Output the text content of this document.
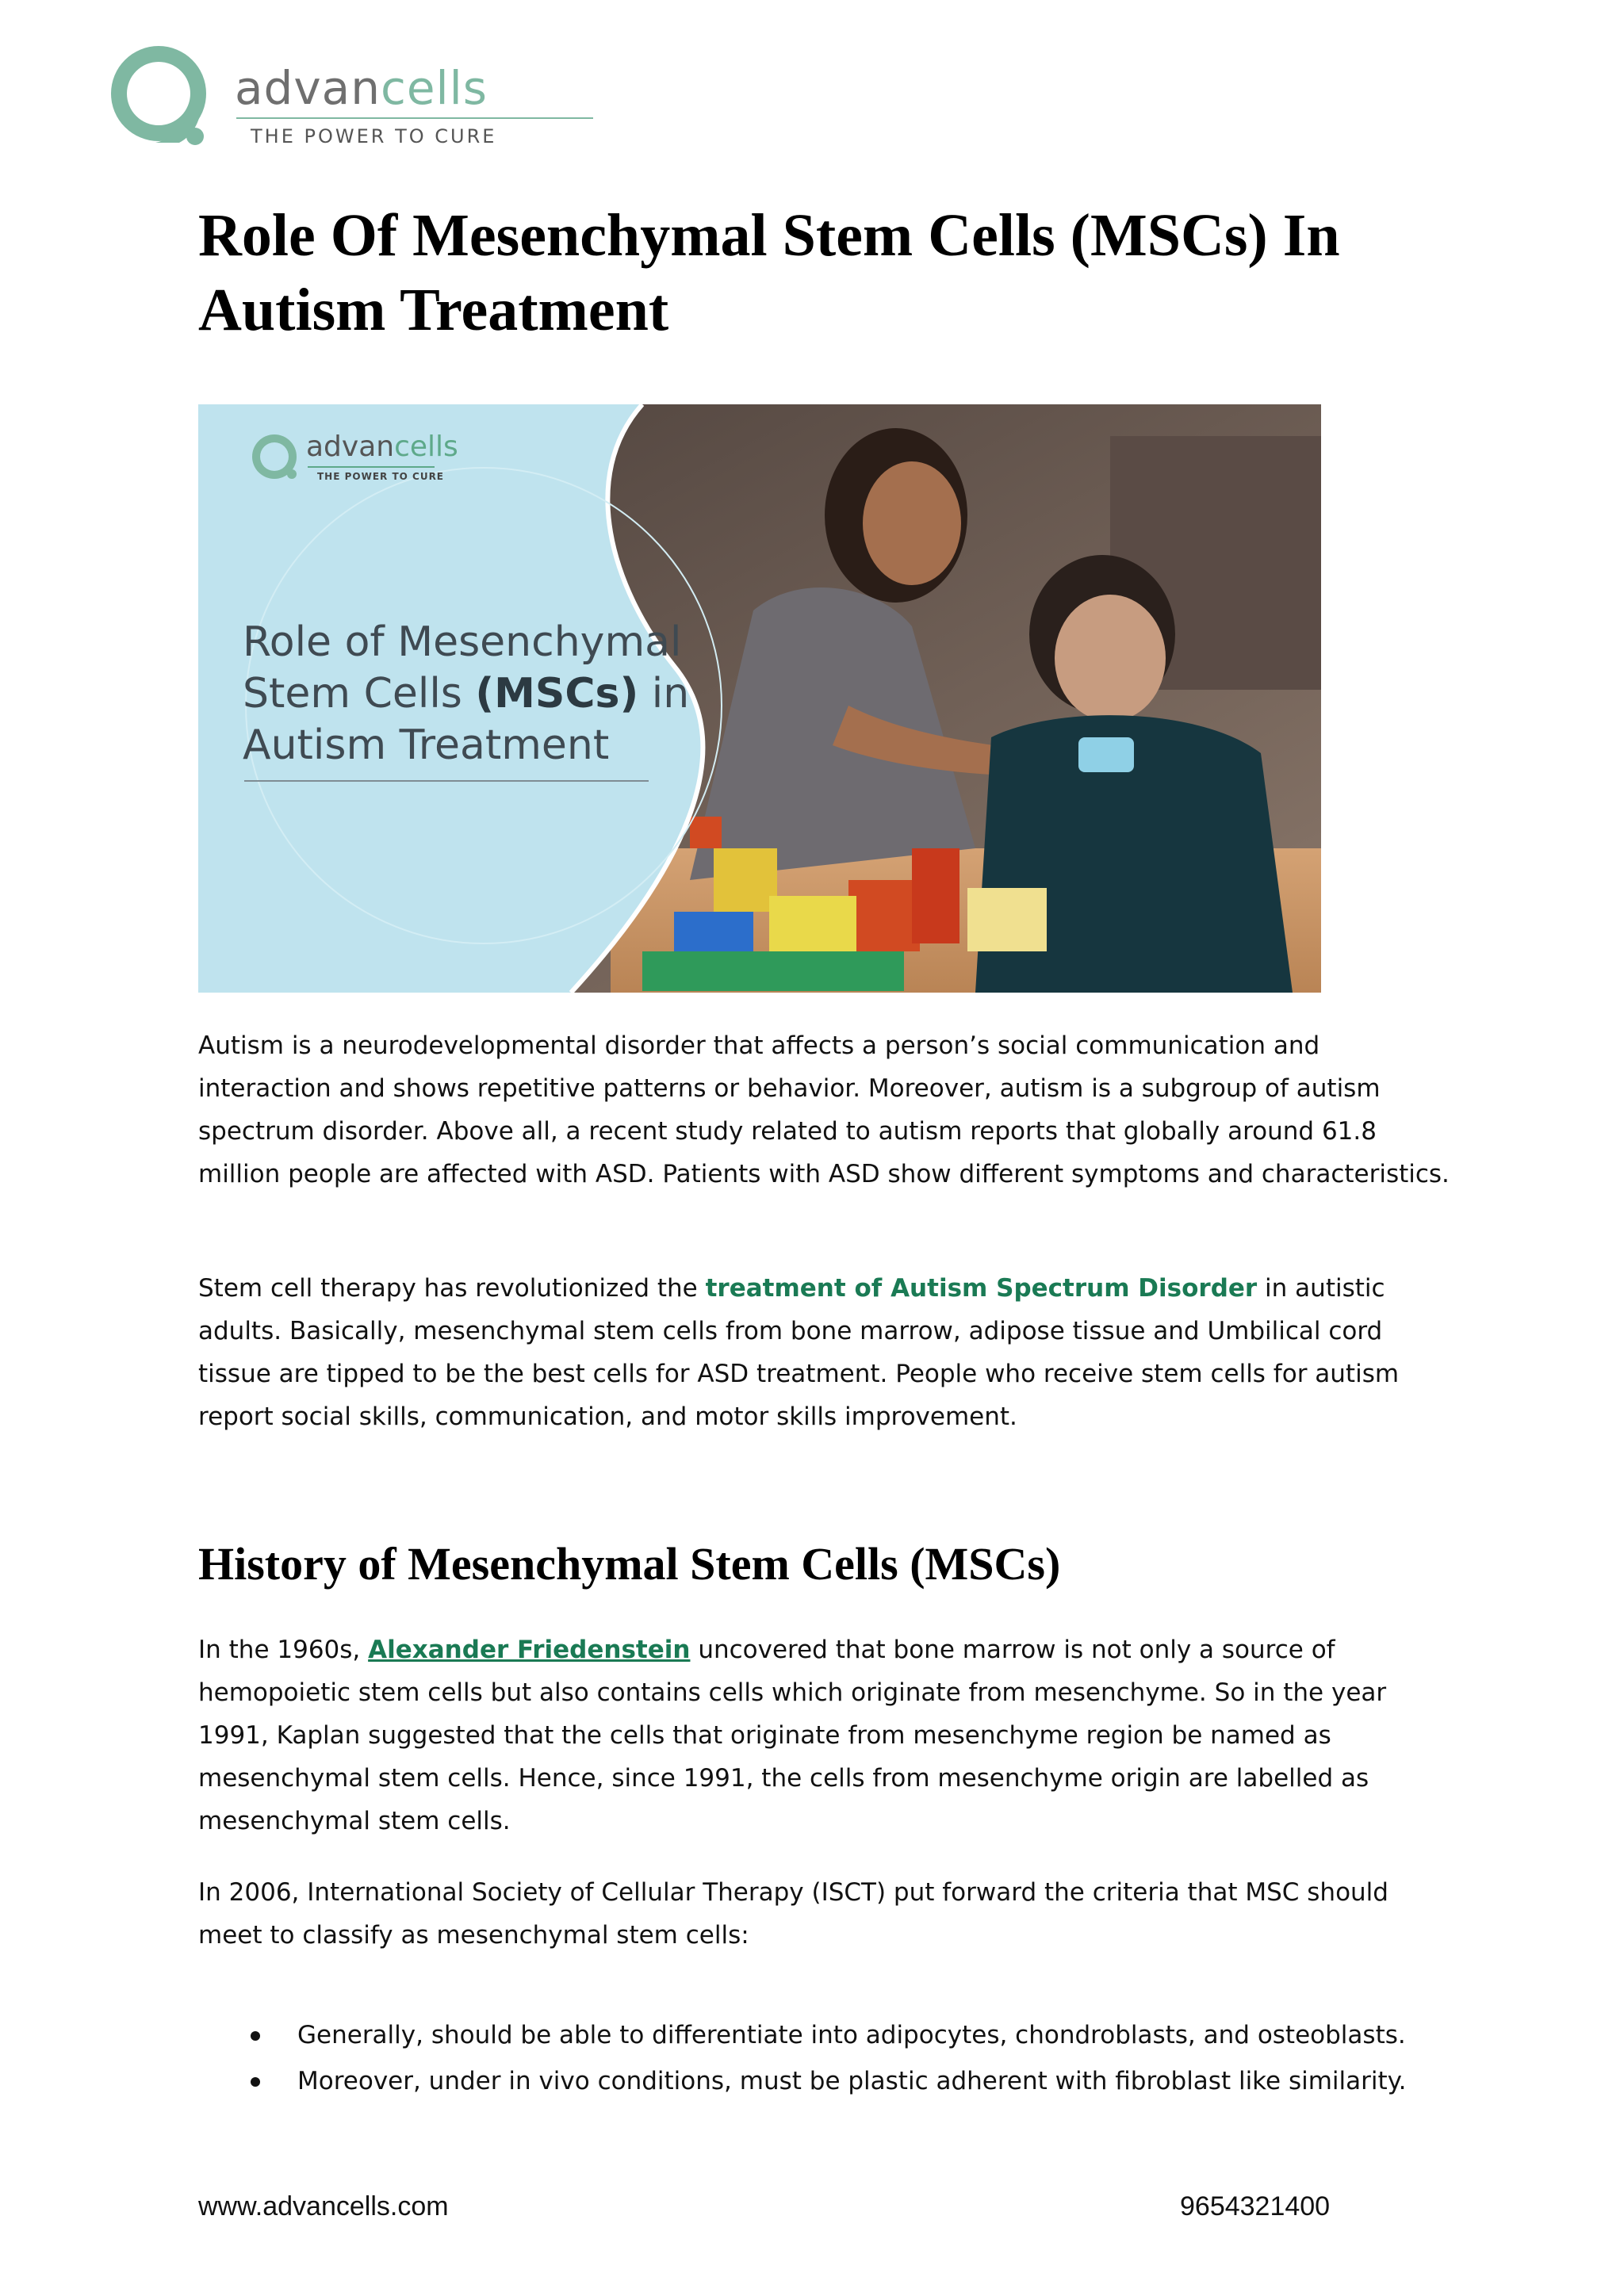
advancells
THE POWER TO CURE
Role Of Mesenchymal Stem Cells (MSCs) In Autism Treatment
advancells
THE POWER TO CURE
Role of Mesenchymal
Stem Cells (MSCs) in
Autism Treatment

Autism is a neurodevelopmental disorder that affects a person’s social communication and interaction and shows repetitive patterns or behavior. Moreover, autism is a subgroup of autism spectrum disorder. Above all, a recent study related to autism reports that globally around 61.8 million people are affected with ASD. Patients with ASD show different symptoms and characteristics.

Stem cell therapy has revolutionized the treatment of Autism Spectrum Disorder in autistic adults. Basically, mesenchymal stem cells from bone marrow, adipose tissue and Umbilical cord tissue are tipped to be the best cells for ASD treatment. People who receive stem cells for autism report social skills, communication, and motor skills improvement.

History of Mesenchymal Stem Cells (MSCs)

In the 1960s, Alexander Friedenstein uncovered that bone marrow is not only a source of hemopoietic stem cells but also contains cells which originate from mesenchyme. So in the year 1991, Kaplan suggested that the cells that originate from mesenchyme region be named as mesenchymal stem cells. Hence, since 1991, the cells from mesenchyme origin are labelled as mesenchymal stem cells.

In 2006, International Society of Cellular Therapy (ISCT) put forward the criteria that MSC should meet to classify as mesenchymal stem cells:

Generally, should be able to differentiate into adipocytes, chondroblasts, and osteoblasts.
Moreover, under in vivo conditions, must be plastic adherent with fibroblast like similarity.
www.advancells.com	9654321400
